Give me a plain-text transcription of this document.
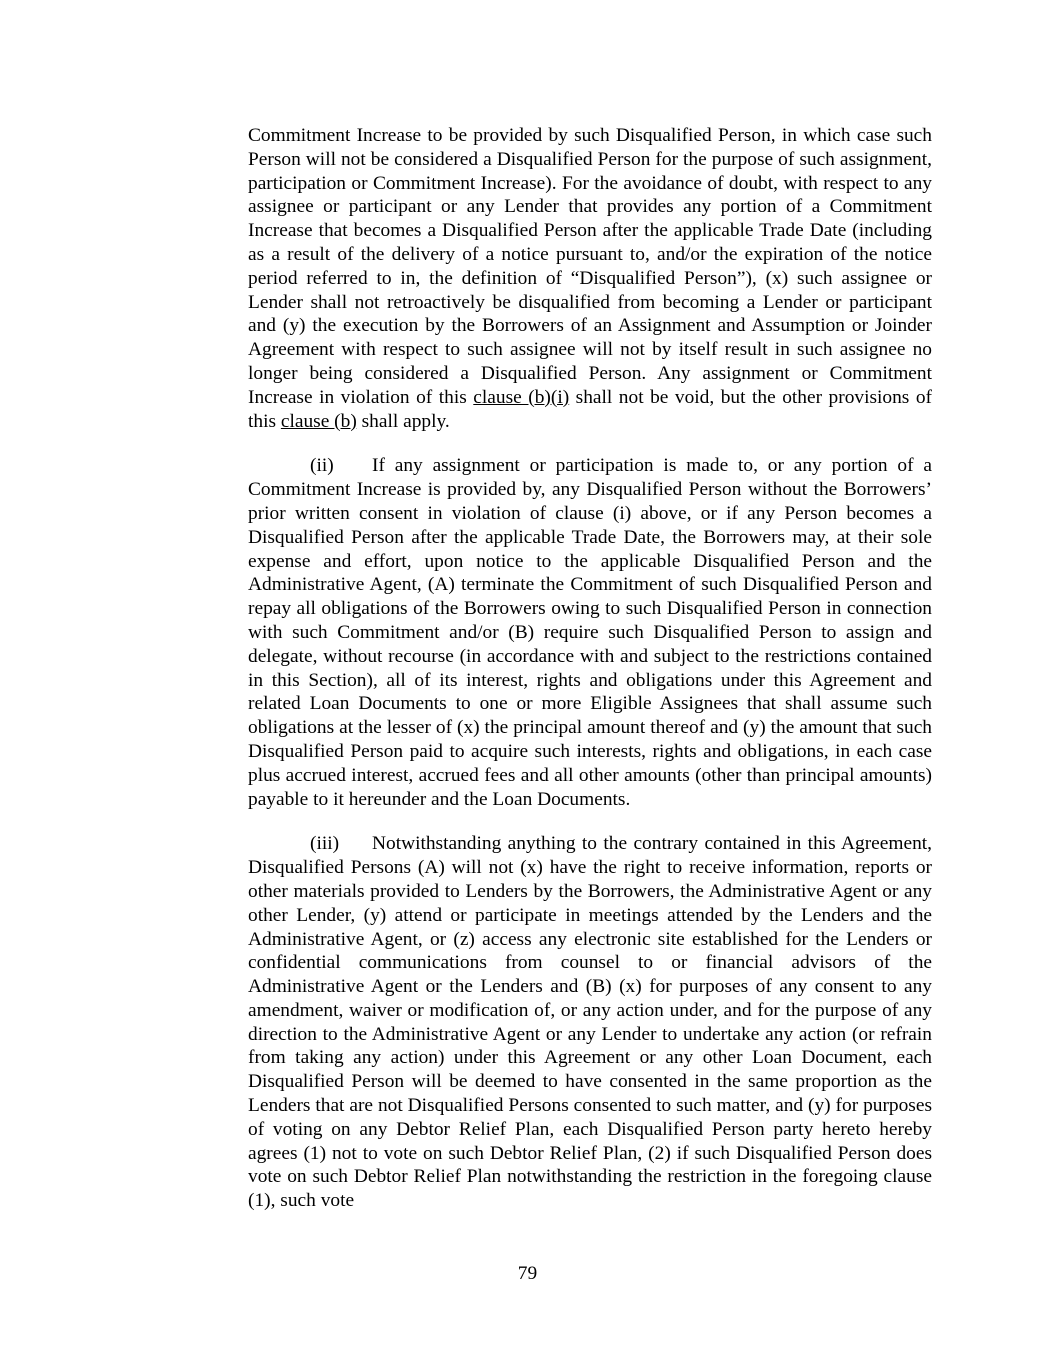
Commitment Increase to be provided by such Disqualified Person, in which case such Person will not be considered a Disqualified Person for the purpose of such assignment, participation or Commitment Increase). For the avoidance of doubt, with respect to any assignee or participant or any Lender that provides any portion of a Commitment Increase that becomes a Disqualified Person after the applicable Trade Date (including as a result of the delivery of a notice pursuant to, and/or the expiration of the notice period referred to in, the definition of “Disqualified Person”), (x) such assignee or Lender shall not retroactively be disqualified from becoming a Lender or participant and (y) the execution by the Borrowers of an Assignment and Assumption or Joinder Agreement with respect to such assignee will not by itself result in such assignee no longer being considered a Disqualified Person. Any assignment or Commitment Increase in violation of this clause (b)(i) shall not be void, but the other provisions of this clause (b) shall apply.

(ii) If any assignment or participation is made to, or any portion of a Commitment Increase is provided by, any Disqualified Person without the Borrowers’ prior written consent in violation of clause (i) above, or if any Person becomes a Disqualified Person after the applicable Trade Date, the Borrowers may, at their sole expense and effort, upon notice to the applicable Disqualified Person and the Administrative Agent, (A) terminate the Commitment of such Disqualified Person and repay all obligations of the Borrowers owing to such Disqualified Person in connection with such Commitment and/or (B) require such Disqualified Person to assign and delegate, without recourse (in accordance with and subject to the restrictions contained in this Section), all of its interest, rights and obligations under this Agreement and related Loan Documents to one or more Eligible Assignees that shall assume such obligations at the lesser of (x) the principal amount thereof and (y) the amount that such Disqualified Person paid to acquire such interests, rights and obligations, in each case plus accrued interest, accrued fees and all other amounts (other than principal amounts) payable to it hereunder and the Loan Documents.

(iii) Notwithstanding anything to the contrary contained in this Agreement, Disqualified Persons (A) will not (x) have the right to receive information, reports or other materials provided to Lenders by the Borrowers, the Administrative Agent or any other Lender, (y) attend or participate in meetings attended by the Lenders and the Administrative Agent, or (z) access any electronic site established for the Lenders or confidential communications from counsel to or financial advisors of the Administrative Agent or the Lenders and (B) (x) for purposes of any consent to any amendment, waiver or modification of, or any action under, and for the purpose of any direction to the Administrative Agent or any Lender to undertake any action (or refrain from taking any action) under this Agreement or any other Loan Document, each Disqualified Person will be deemed to have consented in the same proportion as the Lenders that are not Disqualified Persons consented to such matter, and (y) for purposes of voting on any Debtor Relief Plan, each Disqualified Person party hereto hereby agrees (1) not to vote on such Debtor Relief Plan, (2) if such Disqualified Person does vote on such Debtor Relief Plan notwithstanding the restriction in the foregoing clause (1), such vote

79
